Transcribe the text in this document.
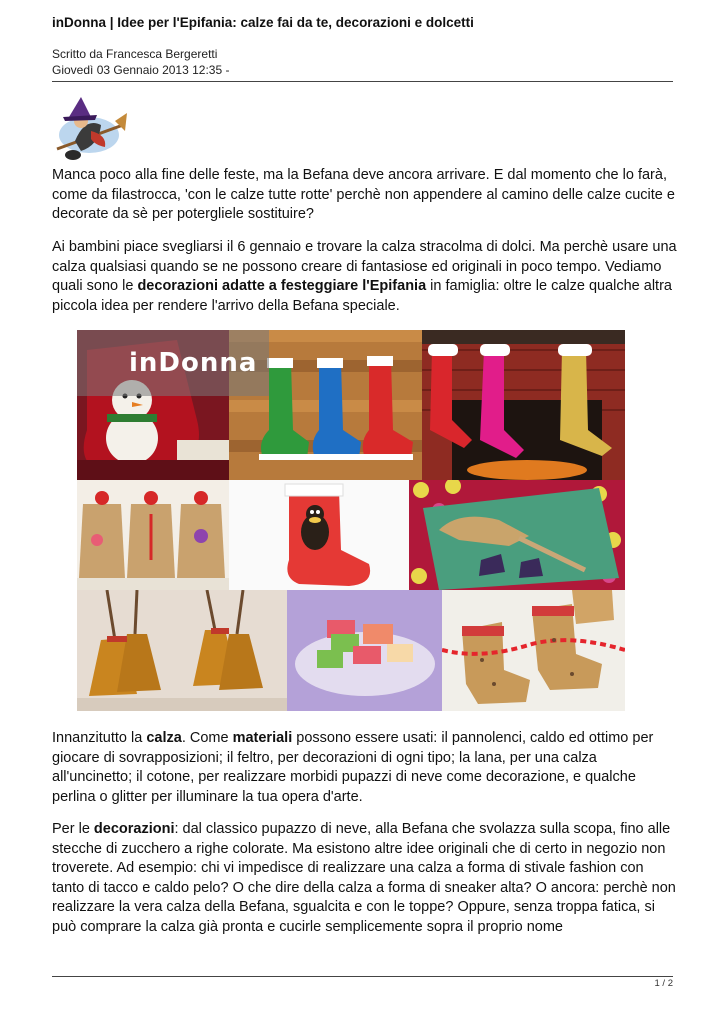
inDonna | Idee per l'Epifania: calze fai da te, decorazioni e dolcetti
Scritto da Francesca Bergeretti
Giovedì 03 Gennaio 2013 12:35 -
Manca poco alla fine delle feste, ma la Befana deve ancora arrivare. E dal momento che lo farà, come da filastrocca, 'con le calze tutte rotte' perchè non appendere al camino delle calze cucite e decorate da sè per potergliele sostituire?
Ai bambini piace svegliarsi il 6 gennaio e trovare la calza stracolma di dolci. Ma perchè usare una calza qualsiasi quando se ne possono creare di fantasiose ed originali in poco tempo. Vediamo quali sono le decorazioni adatte a festeggiare l'Epifania in famiglia: oltre le calze qualche altra piccola idea per rendere l'arrivo della Befana speciale.
inDonna
Innanzitutto la calza. Come materiali possono essere usati: il pannolenci, caldo ed ottimo per giocare di sovrapposizioni; il feltro, per decorazioni di ogni tipo; la lana, per una calza all'uncinetto; il cotone, per realizzare morbidi pupazzi di neve come decorazione, e qualche perlina o glitter per illuminare la tua opera d'arte.
Per le decorazioni: dal classico pupazzo di neve, alla Befana che svolazza sulla scopa, fino alle stecche di zucchero a righe colorate. Ma esistono altre idee originali che di certo in negozio non troverete. Ad esempio: chi vi impedisce di realizzare una calza a forma di stivale fashion con tanto di tacco e caldo pelo? O che dire della calza a forma di sneaker alta? O ancora: perchè non realizzare la vera calza della Befana, sgualcita e con le toppe? Oppure, senza troppa fatica, si può comprare la calza già pronta e cucirle semplicemente sopra il proprio nome
1 / 2
